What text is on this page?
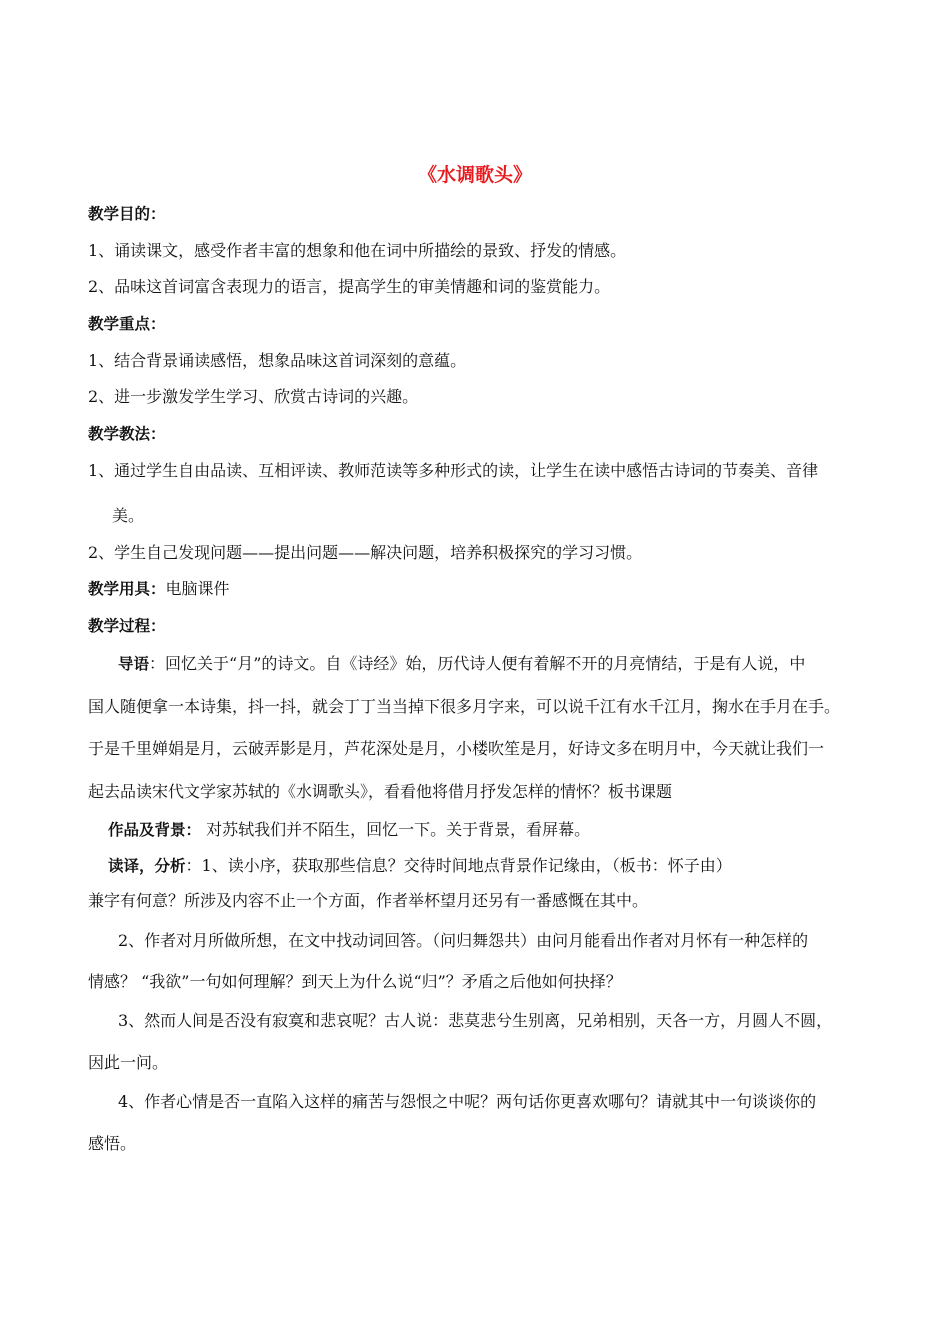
《水调歌头》
教学目的：
1、诵读课文，感受作者丰富的想象和他在词中所描绘的景致、抒发的情感。
2、品味这首词富含表现力的语言，提高学生的审美情趣和词的鉴赏能力。
教学重点：
1、结合背景诵读感悟，想象品味这首词深刻的意蕴。
2、进一步激发学生学习、欣赏古诗词的兴趣。
教学教法：
1、通过学生自由品读、互相评读、教师范读等多种形式的读，让学生在读中感悟古诗词的节奏美、音律
美。
2、学生自己发现问题——提出问题——解决问题，培养积极探究的学习习惯。
教学用具：电脑课件
教学过程：
导语：回忆关于“月”的诗文。自《诗经》始，历代诗人便有着解不开的月亮情结，于是有人说，中
国人随便拿一本诗集，抖一抖，就会丁丁当当掉下很多月字来，可以说千江有水千江月，掬水在手月在手。
于是千里婵娟是月，云破弄影是月，芦花深处是月，小楼吹笙是月，好诗文多在明月中，今天就让我们一
起去品读宋代文学家苏轼的《水调歌头》，看看他将借月抒发怎样的情怀？板书课题
作品及背景： 对苏轼我们并不陌生，回忆一下。关于背景，看屏幕。
读译，分析：1、读小序，获取那些信息？交待时间地点背景作记缘由，（板书：怀子由）
兼字有何意？所涉及内容不止一个方面，作者举杯望月还另有一番感慨在其中。
2、作者对月所做所想，在文中找动词回答。（问归舞怨共）由问月能看出作者对月怀有一种怎样的
情感？ “我欲”一句如何理解？到天上为什么说“归”？矛盾之后他如何抉择？
3、然而人间是否没有寂寞和悲哀呢？古人说：悲莫悲兮生别离，兄弟相别，天各一方，月圆人不圆，
因此一问。
4、作者心情是否一直陷入这样的痛苦与怨恨之中呢？两句话你更喜欢哪句？请就其中一句谈谈你的
感悟。
